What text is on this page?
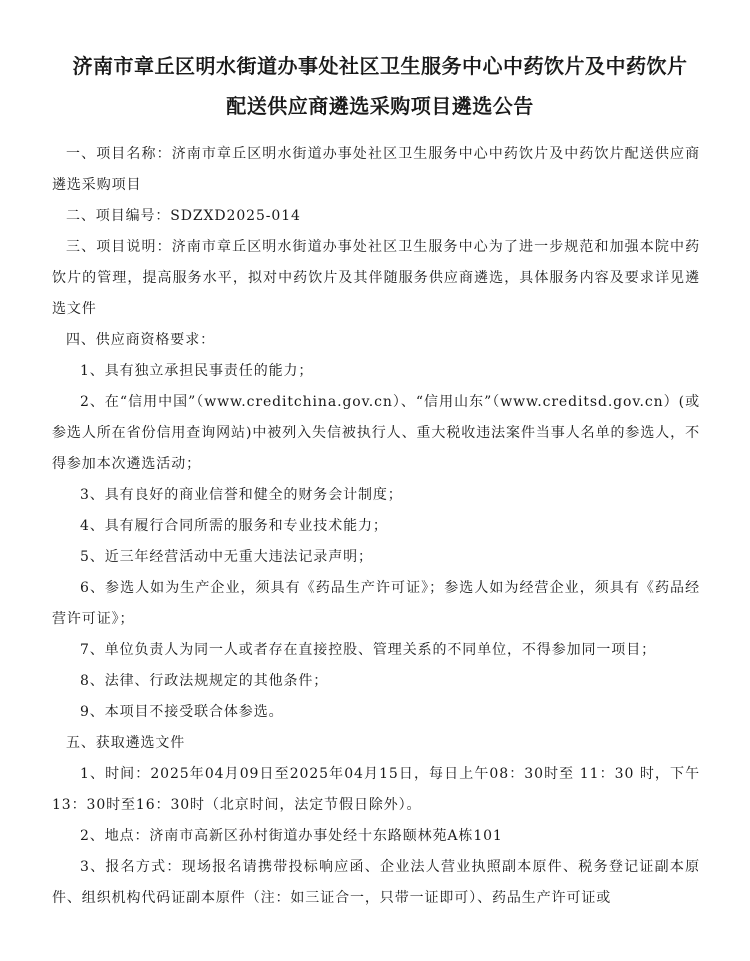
济南市章丘区明水街道办事处社区卫生服务中心中药饮片及中药饮片
配送供应商遴选采购项目遴选公告

一、项目名称：济南市章丘区明水街道办事处社区卫生服务中心中药饮片及中药饮片配送供应商遴选采购项目

二、项目编号：SDZXD2025-014

三、项目说明：济南市章丘区明水街道办事处社区卫生服务中心为了进一步规范和加强本院中药饮片的管理，提高服务水平，拟对中药饮片及其伴随服务供应商遴选，具体服务内容及要求详见遴选文件

四、供应商资格要求：

1、具有独立承担民事责任的能力；

2、在“信用中国”（www.creditchina.gov.cn）、“信用山东”（www.creditsd.gov.cn）(或参选人所在省份信用查询网站)中被列入失信被执行人、重大税收违法案件当事人名单的参选人，不得参加本次遴选活动；

3、具有良好的商业信誉和健全的财务会计制度；

4、具有履行合同所需的服务和专业技术能力；

5、近三年经营活动中无重大违法记录声明；

6、参选人如为生产企业，须具有《药品生产许可证》；参选人如为经营企业，须具有《药品经营许可证》；

7、单位负责人为同一人或者存在直接控股、管理关系的不同单位，不得参加同一项目；

8、法律、行政法规规定的其他条件；

9、本项目不接受联合体参选。

五、获取遴选文件

1、时间：2025年04月09日至2025年04月15日，每日上午08：30时至 11：30 时，下午13：30时至16：30时（北京时间，法定节假日除外）。

2、地点：济南市高新区孙村街道办事处经十东路颐林苑A栋101

3、报名方式：现场报名请携带投标响应函、企业法人营业执照副本原件、税务登记证副本原件、组织机构代码证副本原件（注：如三证合一，只带一证即可）、药品生产许可证或
